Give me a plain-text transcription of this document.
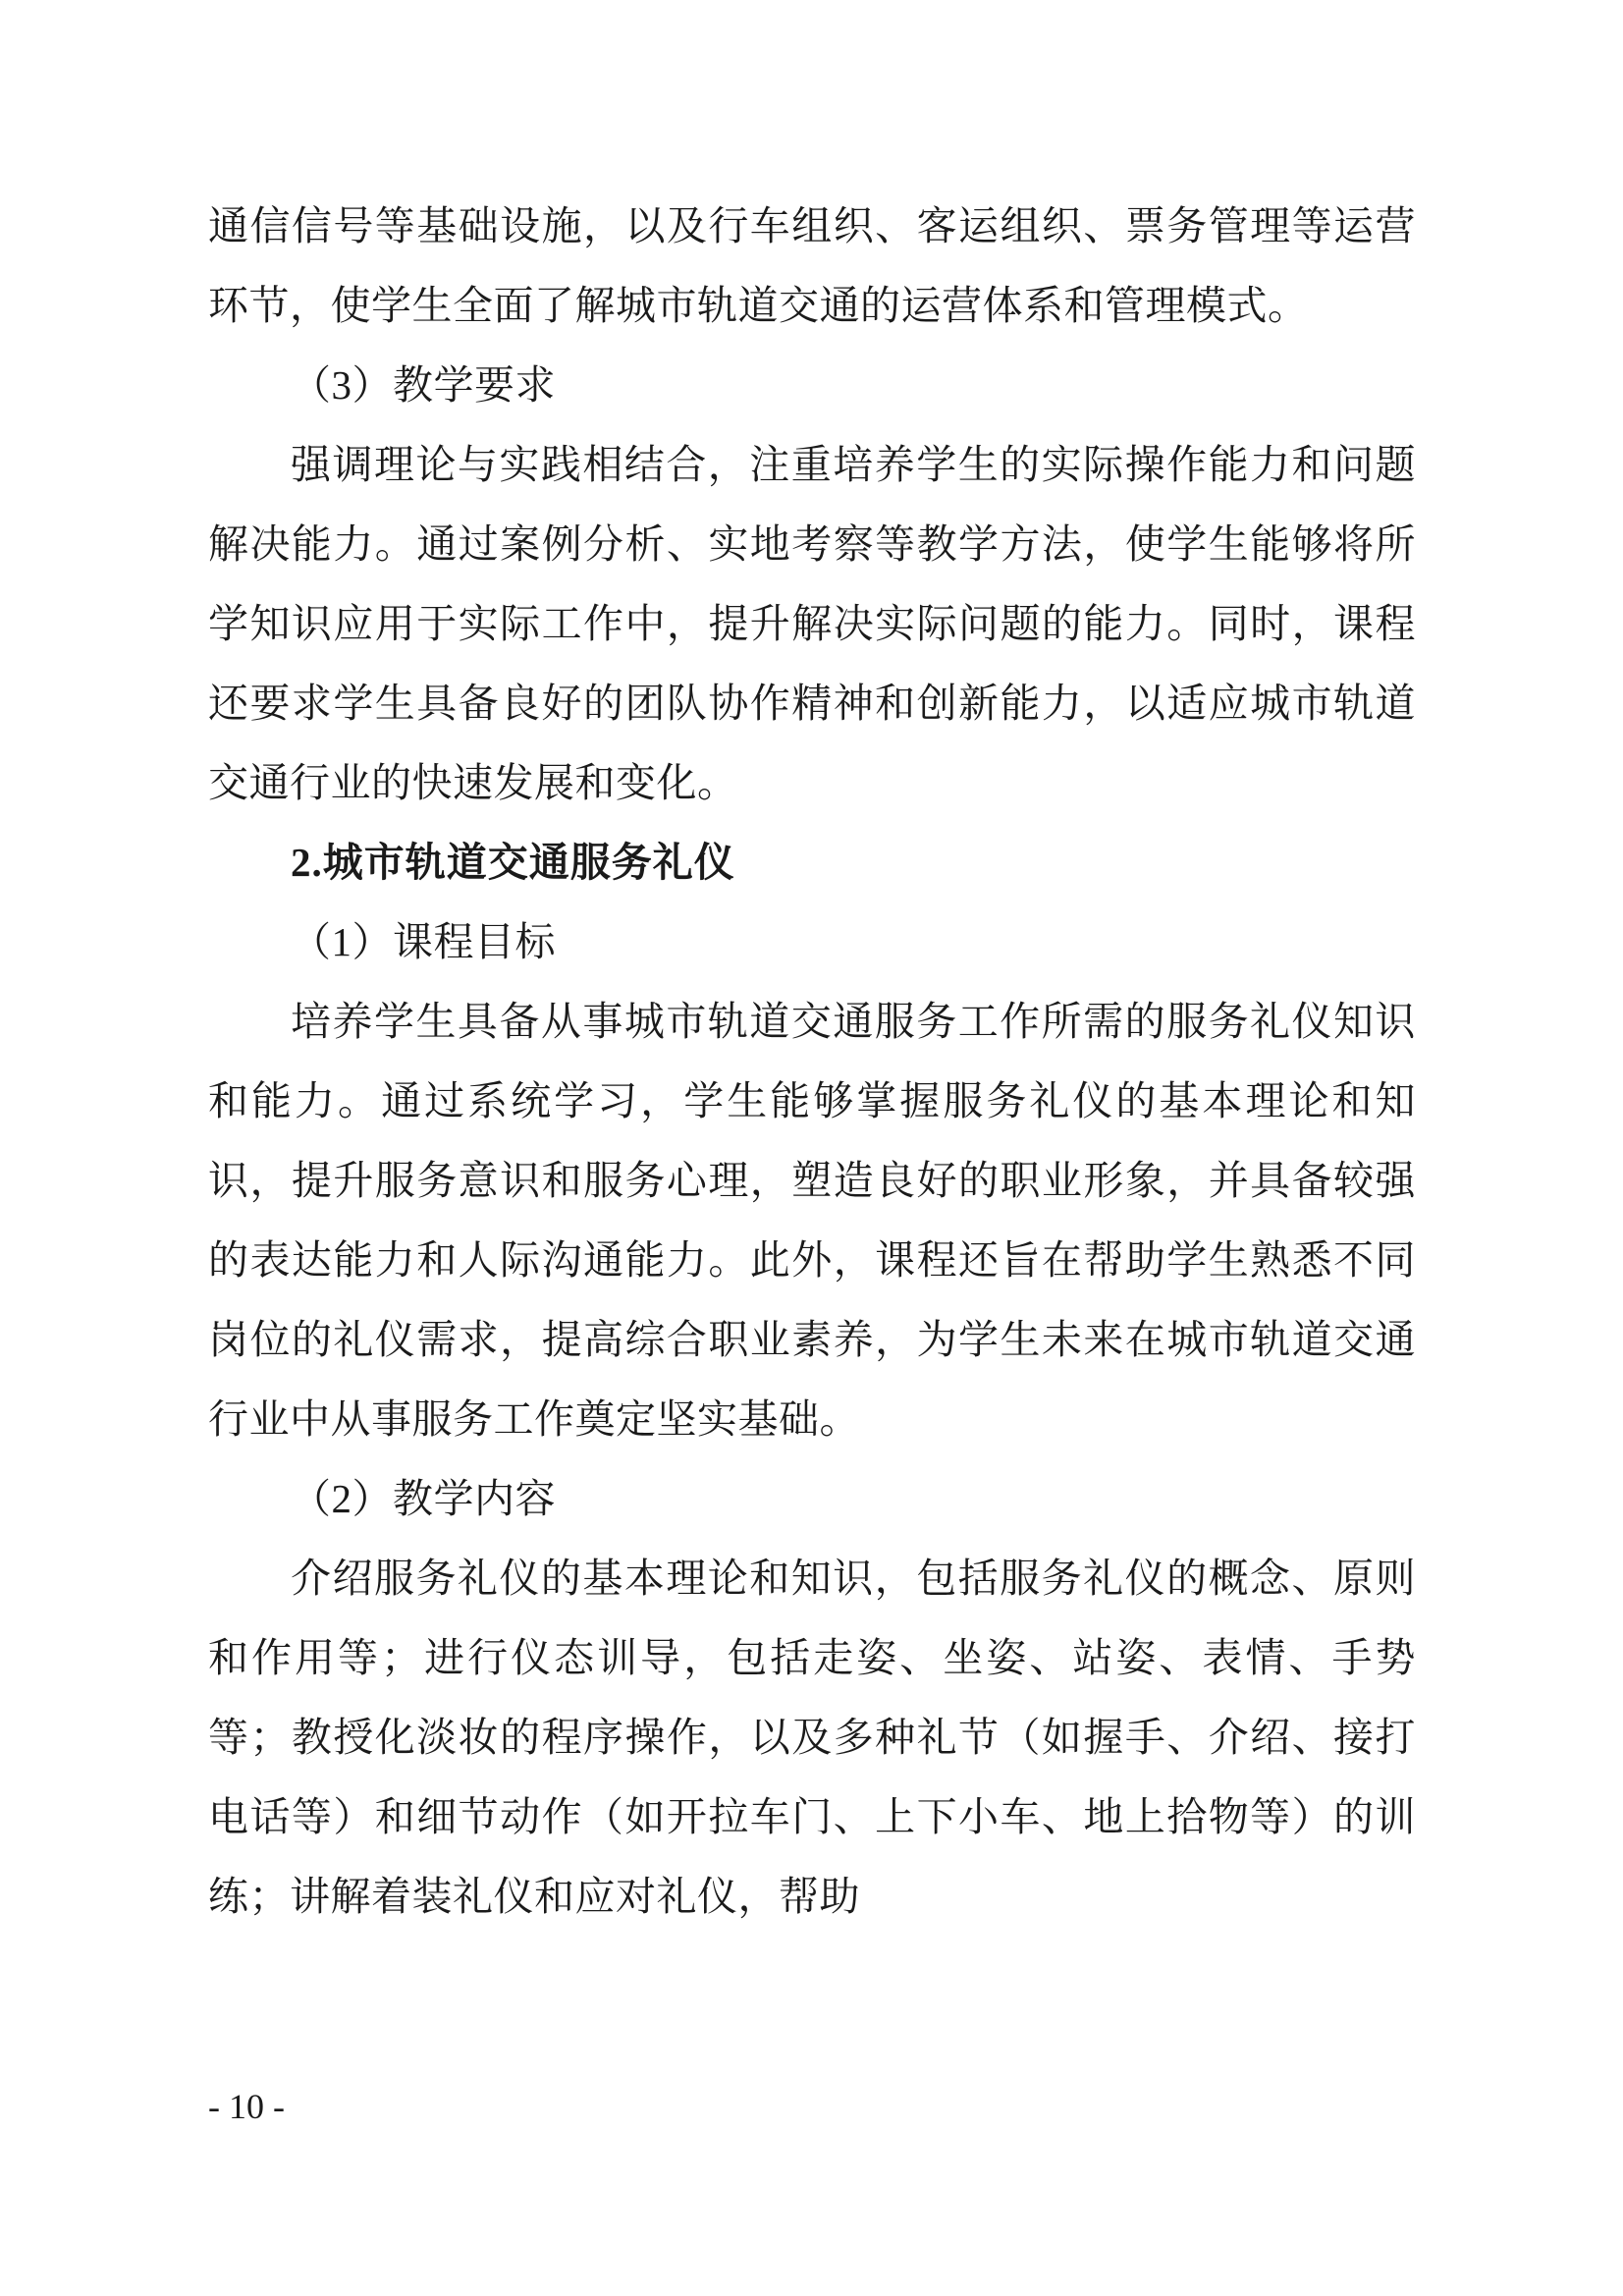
通信信号等基础设施，以及行车组织、客运组织、票务管理等运营环节，使学生全面了解城市轨道交通的运营体系和管理模式。

（3）教学要求

强调理论与实践相结合，注重培养学生的实际操作能力和问题解决能力。通过案例分析、实地考察等教学方法，使学生能够将所学知识应用于实际工作中，提升解决实际问题的能力。同时，课程还要求学生具备良好的团队协作精神和创新能力，以适应城市轨道交通行业的快速发展和变化。

2.城市轨道交通服务礼仪

（1）课程目标

培养学生具备从事城市轨道交通服务工作所需的服务礼仪知识和能力。通过系统学习，学生能够掌握服务礼仪的基本理论和知识，提升服务意识和服务心理，塑造良好的职业形象，并具备较强的表达能力和人际沟通能力。此外，课程还旨在帮助学生熟悉不同岗位的礼仪需求，提高综合职业素养，为学生未来在城市轨道交通行业中从事服务工作奠定坚实基础。

（2）教学内容

介绍服务礼仪的基本理论和知识，包括服务礼仪的概念、原则和作用等；进行仪态训导，包括走姿、坐姿、站姿、表情、手势等；教授化淡妆的程序操作，以及多种礼节（如握手、介绍、接打电话等）和细节动作（如开拉车门、上下小车、地上拾物等）的训练；讲解着装礼仪和应对礼仪，帮助

- 10 -
